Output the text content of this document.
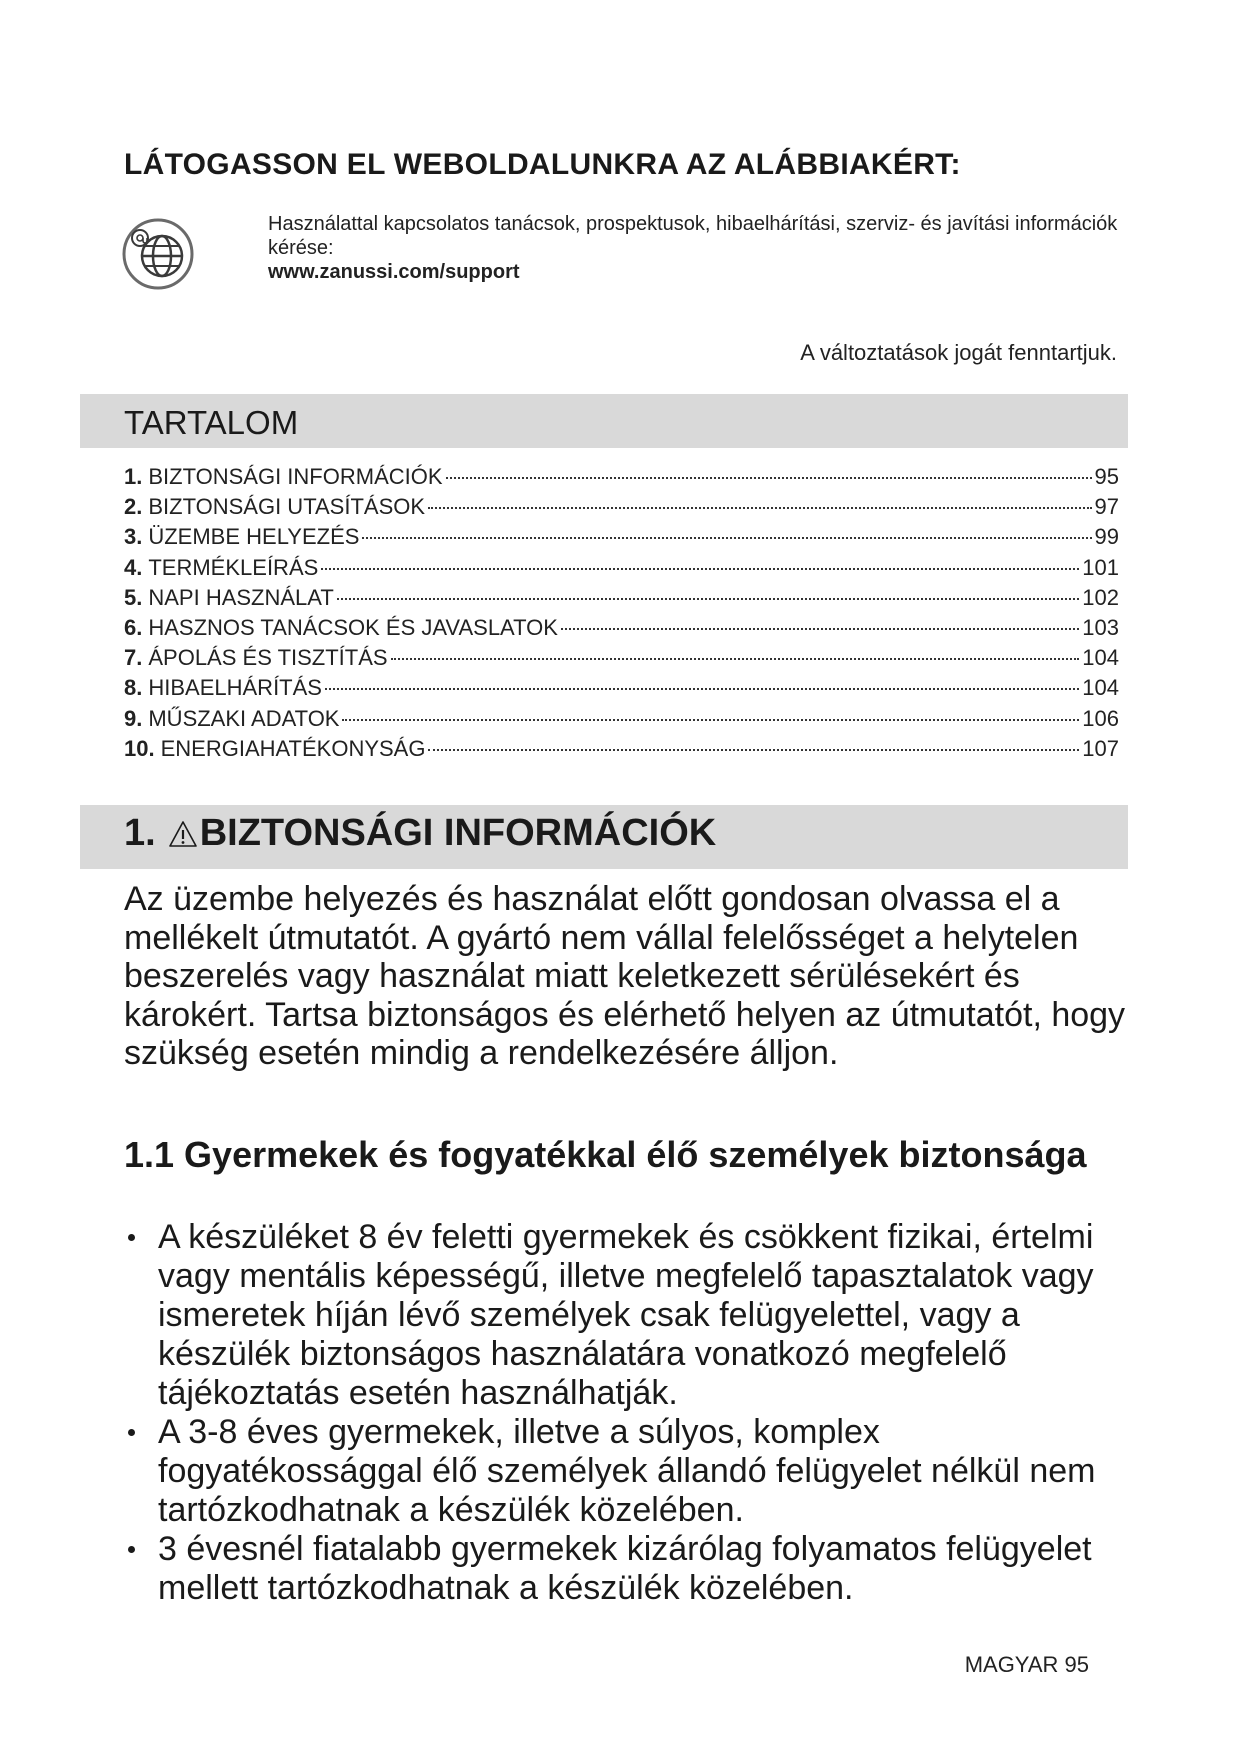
LÁTOGASSON EL WEBOLDALUNKRA AZ ALÁBBIAKÉRT:
Használattal kapcsolatos tanácsok, prospektusok, hibaelhárítási, szerviz- és javítási információk kérése:
www.zanussi.com/support
A változtatások jogát fenntartjuk.
TARTALOM
1. BIZTONSÁGI INFORMÁCIÓK	95
2. BIZTONSÁGI UTASÍTÁSOK	97
3. ÜZEMBE HELYEZÉS	99
4. TERMÉKLEÍRÁS	101
5. NAPI HASZNÁLAT	102
6. HASZNOS TANÁCSOK ÉS JAVASLATOK	103
7. ÁPOLÁS ÉS TISZTÍTÁS	104
8. HIBAELHÁRÍTÁS	104
9. MŰSZAKI ADATOK	106
10. ENERGIAHATÉKONYSÁG	107
1. BIZTONSÁGI INFORMÁCIÓK

Az üzembe helyezés és használat előtt gondosan olvassa el a mellékelt útmutatót. A gyártó nem vállal felelősséget a helytelen beszerelés vagy használat miatt keletkezett sérülésekért és károkért. Tartsa biztonságos és elérhető helyen az útmutatót, hogy szükség esetén mindig a rendelkezésére álljon.

1.1 Gyermekek és fogyatékkal élő személyek biztonsága
A készüléket 8 év feletti gyermekek és csökkent fizikai, értelmi vagy mentális képességű, illetve megfelelő tapasztalatok vagy ismeretek híján lévő személyek csak felügyelettel, vagy a készülék biztonságos használatára vonatkozó megfelelő tájékoztatás esetén használhatják.
A 3-8 éves gyermekek, illetve a súlyos, komplex fogyatékossággal élő személyek állandó felügyelet nélkül nem tartózkodhatnak a készülék közelében.
3 évesnél fiatalabb gyermekek kizárólag folyamatos felügyelet mellett tartózkodhatnak a készülék közelében.
MAGYAR 95
